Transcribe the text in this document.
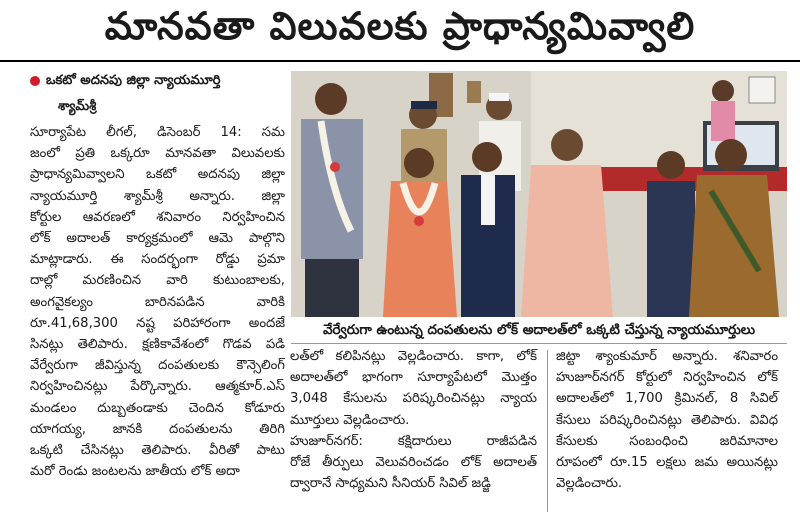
మానవతా విలువలకు ప్రాధాన్యమివ్వాలి
ఒకటో అదనపు జిల్లా న్యాయమూర్తి
శ్యామ్‌శ్రీ

సూర్యాపేట లీగల్, డిసెంబర్ 14: సమ

జంలో ప్రతి ఒక్కరూ మానవతా విలువలకు

ప్రాధాన్యమివ్వాలని ఒకటో అదనపు జిల్లా

న్యాయమూర్తి శ్యామ్‌శ్రీ అన్నారు. జిల్లా

కోర్టుల ఆవరణలో శనివారం నిర్వహించిన

లోక్ అదాలత్ కార్యక్రమంలో ఆమె పాల్గొని

మాట్లాడారు. ఈ సందర్భంగా రోడ్డు ప్రమా

దాల్లో మరణించిన వారి కుటుంబాలకు,

అంగవైకల్యం బారినపడిన వారికి

రూ.41,68,300 నష్ట పరిహారంగా అందజే

సినట్లు తెలిపారు. క్షణికావేశంలో గొడవ పడి

వేర్వేరుగా జీవిస్తున్న దంపతులకు కౌన్సెలింగ్

నిర్వహించినట్లు పేర్కొన్నారు. ఆత్మకూర్.ఎస్

మండలం దుబ్బతండాకు చెందిన కోడూరు

యాగయ్య, జానకి దంపతులను తిరిగి

ఒక్కటి చేసినట్లు తెలిపారు. వీరితో పాటు

మరో రెండు జంటలను జాతీయ లోక్ అదా

వేర్వేరుగా ఉంటున్న దంపతులను లోక్ అదాలత్‌లో ఒక్కటి చేస్తున్న న్యాయమూర్తులు

లత్‌లో కలిపినట్లు వెల్లడించారు. కాగా, లోక్

అదాలత్‌లో భాగంగా సూర్యాపేటలో మొత్తం

3,048 కేసులను పరిష్కరించినట్లు న్యాయ

మూర్తులు వెల్లడించారు.

హుజూర్‌నగర్: కక్షిదారులు రాజీపడిన

రోజే తీర్పులు వెలువరించడం లోక్ అదాలత్

ద్వారానే సాధ్యమని సీనియర్ సివిల్ జడ్జి

జిట్టా శ్యాంకుమార్ అన్నారు. శనివారం

హుజూర్‌నగర్ కోర్టులో నిర్వహించిన లోక్

అదాలత్‌లో 1,700 క్రిమినల్, 8 సివిల్

కేసులు పరిష్కరించినట్లు తెలిపారు. వివిధ

కేసులకు సంబంధించి జరిమానాల

రూపంలో రూ.15 లక్షలు జమ అయినట్లు

వెల్లడించారు.
